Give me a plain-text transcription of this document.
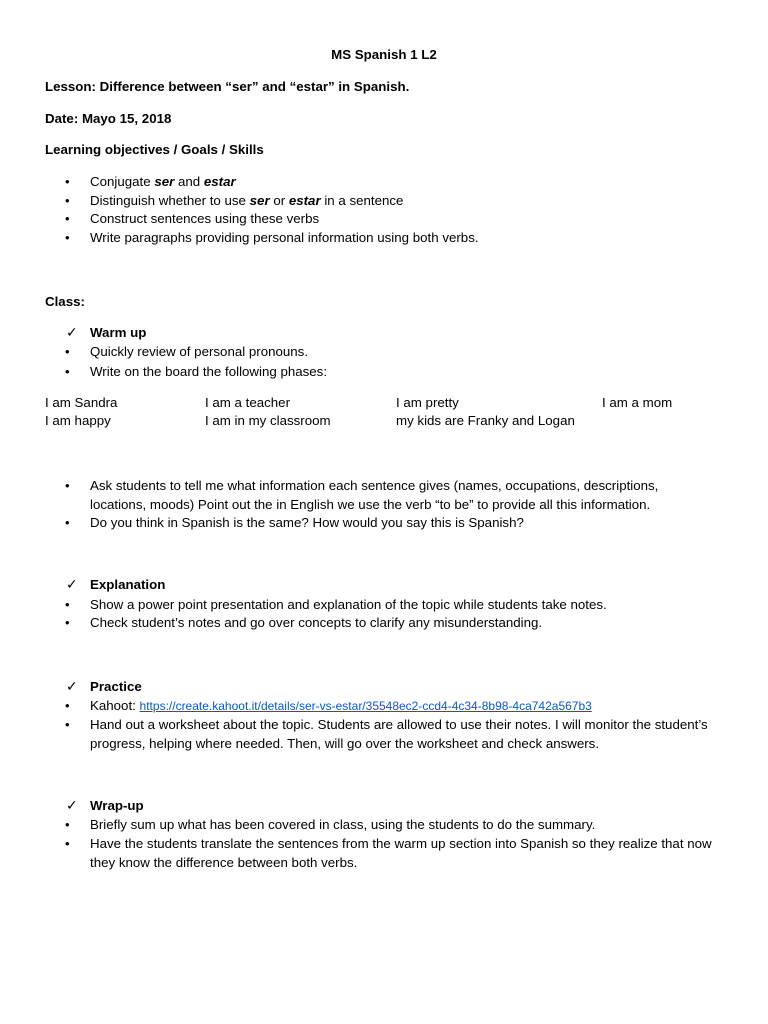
MS Spanish 1 L2
Lesson: Difference between “ser” and “estar” in Spanish.
Date: Mayo 15, 2018
Learning objectives / Goals / Skills
•	Conjugate ser and estar
•	Distinguish whether to use ser or estar in a sentence
•	Construct sentences using these verbs
•	Write paragraphs providing personal information using both verbs.
Class:
✓ Warm up
•	Quickly review of personal pronouns.
•	Write on the board the following phases:
I am Sandra	I am a teacher	I am pretty	I am a mom
I am happy	I am in my classroom	my kids are Franky and Logan
•	Ask students to tell me what information each sentence gives (names, occupations, descriptions, locations, moods) Point out the in English we use the verb “to be” to provide all this information.
•	Do you think in Spanish is the same? How would you say this is Spanish?
✓ Explanation
•	Show a power point presentation and explanation of the topic while students take notes.
•	Check student’s notes and go over concepts to clarify any misunderstanding.
✓ Practice
•	Kahoot: https://create.kahoot.it/details/ser-vs-estar/35548ec2-ccd4-4c34-8b98-4ca742a567b3
•	Hand out a worksheet about the topic. Students are allowed to use their notes. I will monitor the student’s progress, helping where needed. Then, will go over the worksheet and check answers.
✓ Wrap-up
•	Briefly sum up what has been covered in class, using the students to do the summary.
•	Have the students translate the sentences from the warm up section into Spanish so they realize that now they know the difference between both verbs.
